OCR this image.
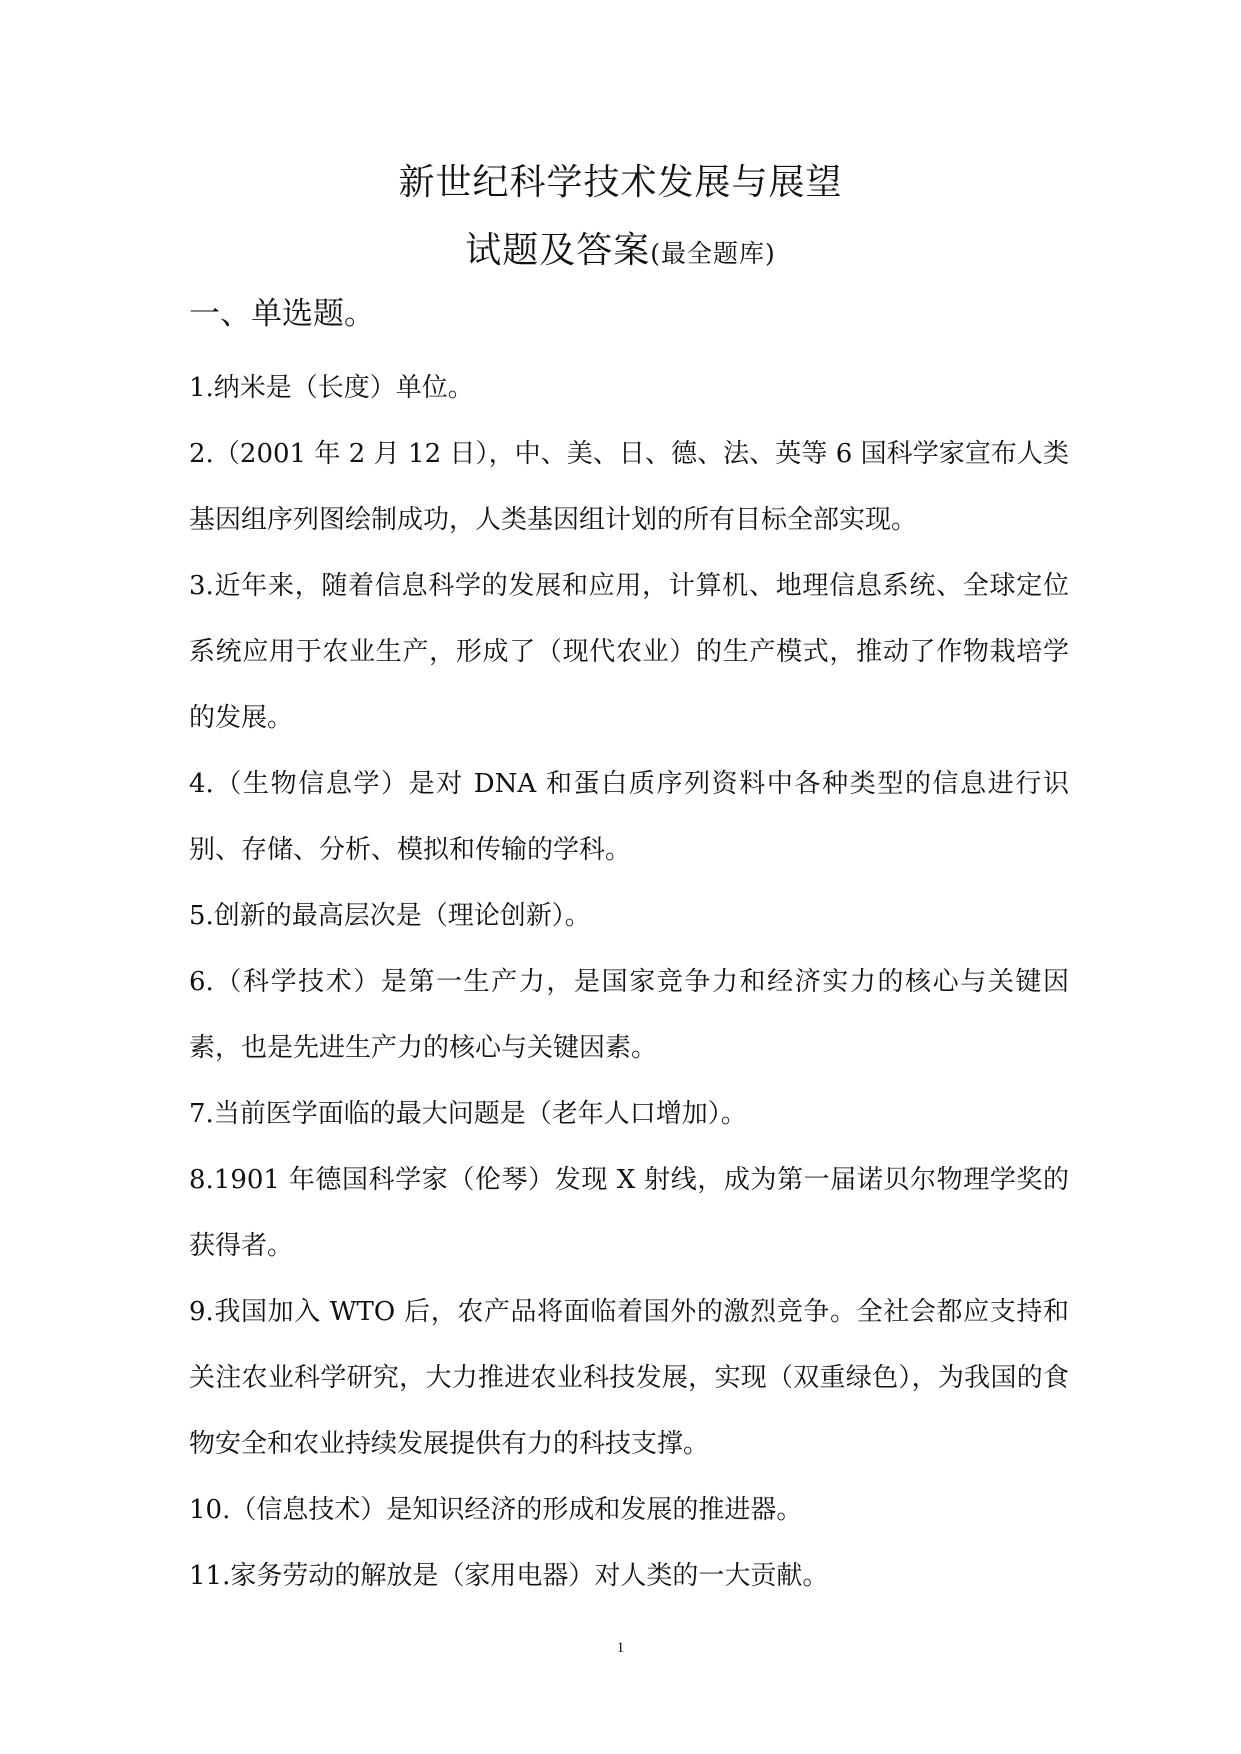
新世纪科学技术发展与展望
试题及答案(最全题库)
一、单选题。
1.纳米是（长度）单位。
2.（2001 年 2 月 12 日），中、美、日、德、法、英等 6 国科学家宣布人类基因组序列图绘制成功，人类基因组计划的所有目标全部实现。
3.近年来，随着信息科学的发展和应用，计算机、地理信息系统、全球定位系统应用于农业生产，形成了（现代农业）的生产模式，推动了作物栽培学的发展。
4.（生物信息学）是对 DNA 和蛋白质序列资料中各种类型的信息进行识别、存储、分析、模拟和传输的学科。
5.创新的最高层次是（理论创新）。
6.（科学技术）是第一生产力，是国家竞争力和经济实力的核心与关键因素，也是先进生产力的核心与关键因素。
7.当前医学面临的最大问题是（老年人口增加）。
8.1901 年德国科学家（伦琴）发现 X 射线，成为第一届诺贝尔物理学奖的获得者。
9.我国加入 WTO 后，农产品将面临着国外的激烈竞争。全社会都应支持和关注农业科学研究，大力推进农业科技发展，实现（双重绿色），为我国的食物安全和农业持续发展提供有力的科技支撑。
10.（信息技术）是知识经济的形成和发展的推进器。
11.家务劳动的解放是（家用电器）对人类的一大贡献。
1
